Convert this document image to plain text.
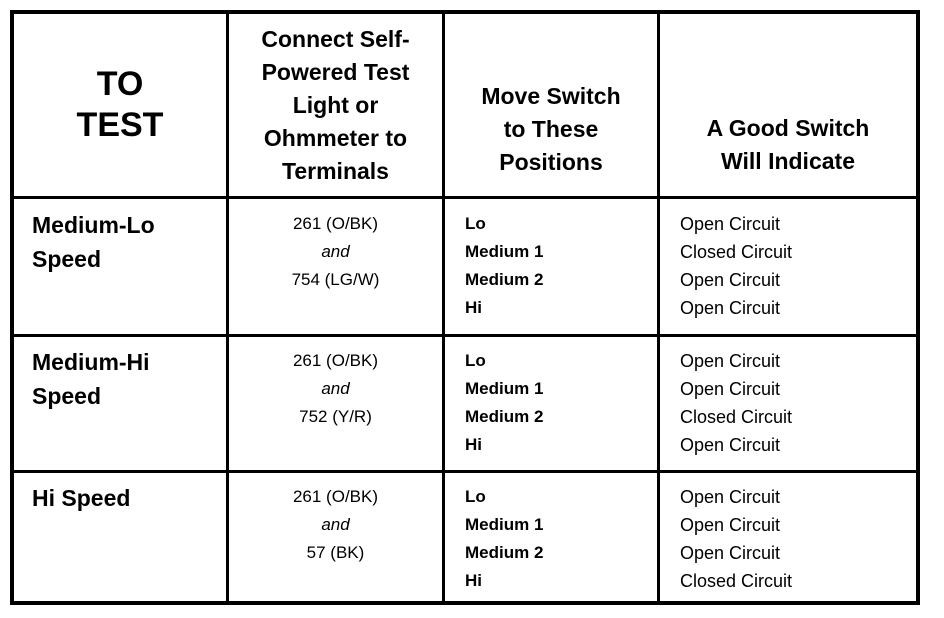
TO
TEST
Connect Self-
Powered Test
Light or
Ohmmeter to
Terminals
Move Switch
to These
Positions
A Good Switch
Will Indicate
Medium-Lo
Speed
261 (O/BK)
and
754 (LG/W)
Lo
Medium 1
Medium 2
Hi
Open Circuit
Closed Circuit
Open Circuit
Open Circuit
Medium-Hi
Speed
261 (O/BK)
and
752 (Y/R)
Lo
Medium 1
Medium 2
Hi
Open Circuit
Open Circuit
Closed Circuit
Open Circuit
Hi Speed	261 (O/BK)
and
57 (BK)
Lo
Medium 1
Medium 2
Hi
Open Circuit
Open Circuit
Open Circuit
Closed Circuit
